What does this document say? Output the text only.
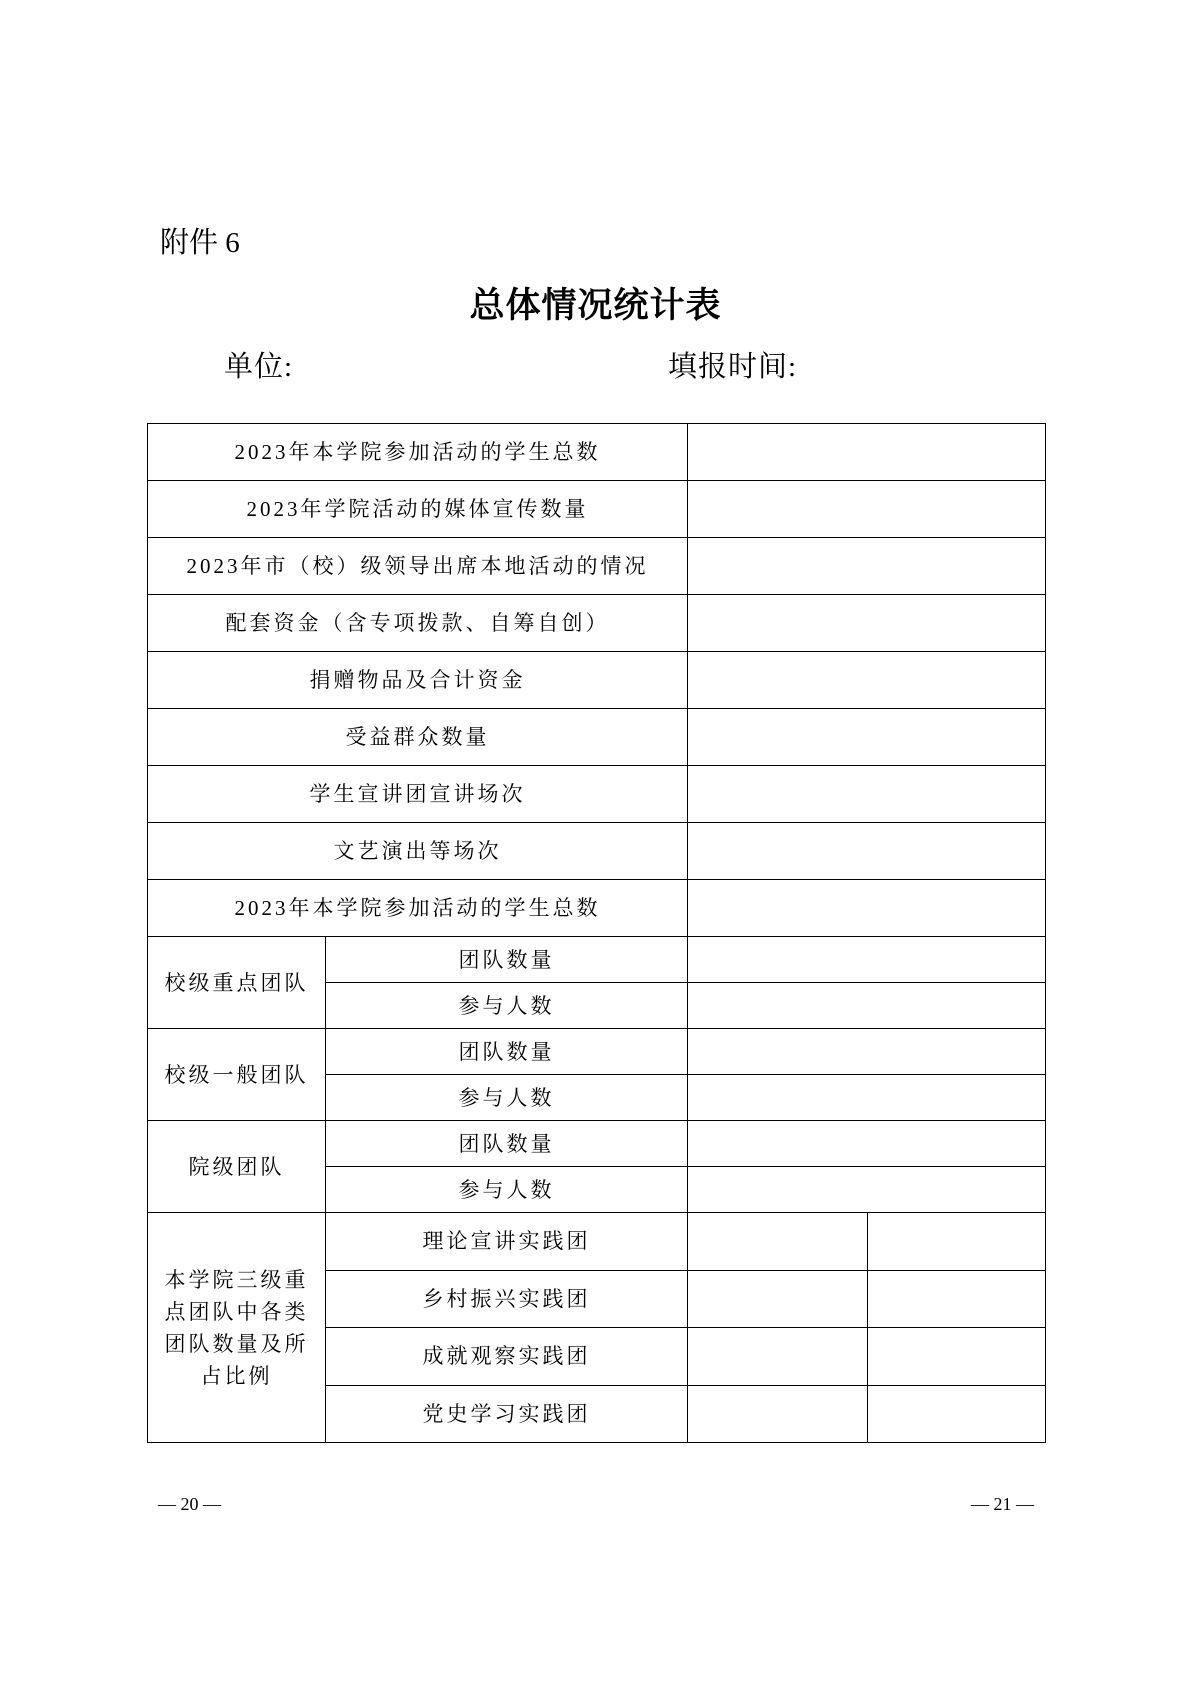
附件 6
总体情况统计表
单位:	填报时间:
2023年本学院参加活动的学生总数			
2023年学院活动的媒体宣传数量			
2023年市（校）级领导出席本地活动的情况			
配套资金（含专项拨款、自筹自创）			
捐赠物品及合计资金			
受益群众数量			
学生宣讲团宣讲场次			
文艺演出等场次			
2023年本学院参加活动的学生总数			
校级重点团队	团队数量		
	参与人数		
校级一般团队	团队数量		
	参与人数		
院级团队	团队数量		
	参与人数		

本学院三级重
点团队中各类
团队数量及所
占比例	理论宣讲实践团		
	乡村振兴实践团		
	成就观察实践团		
	党史学习实践团		
— 20 —	— 21 —
